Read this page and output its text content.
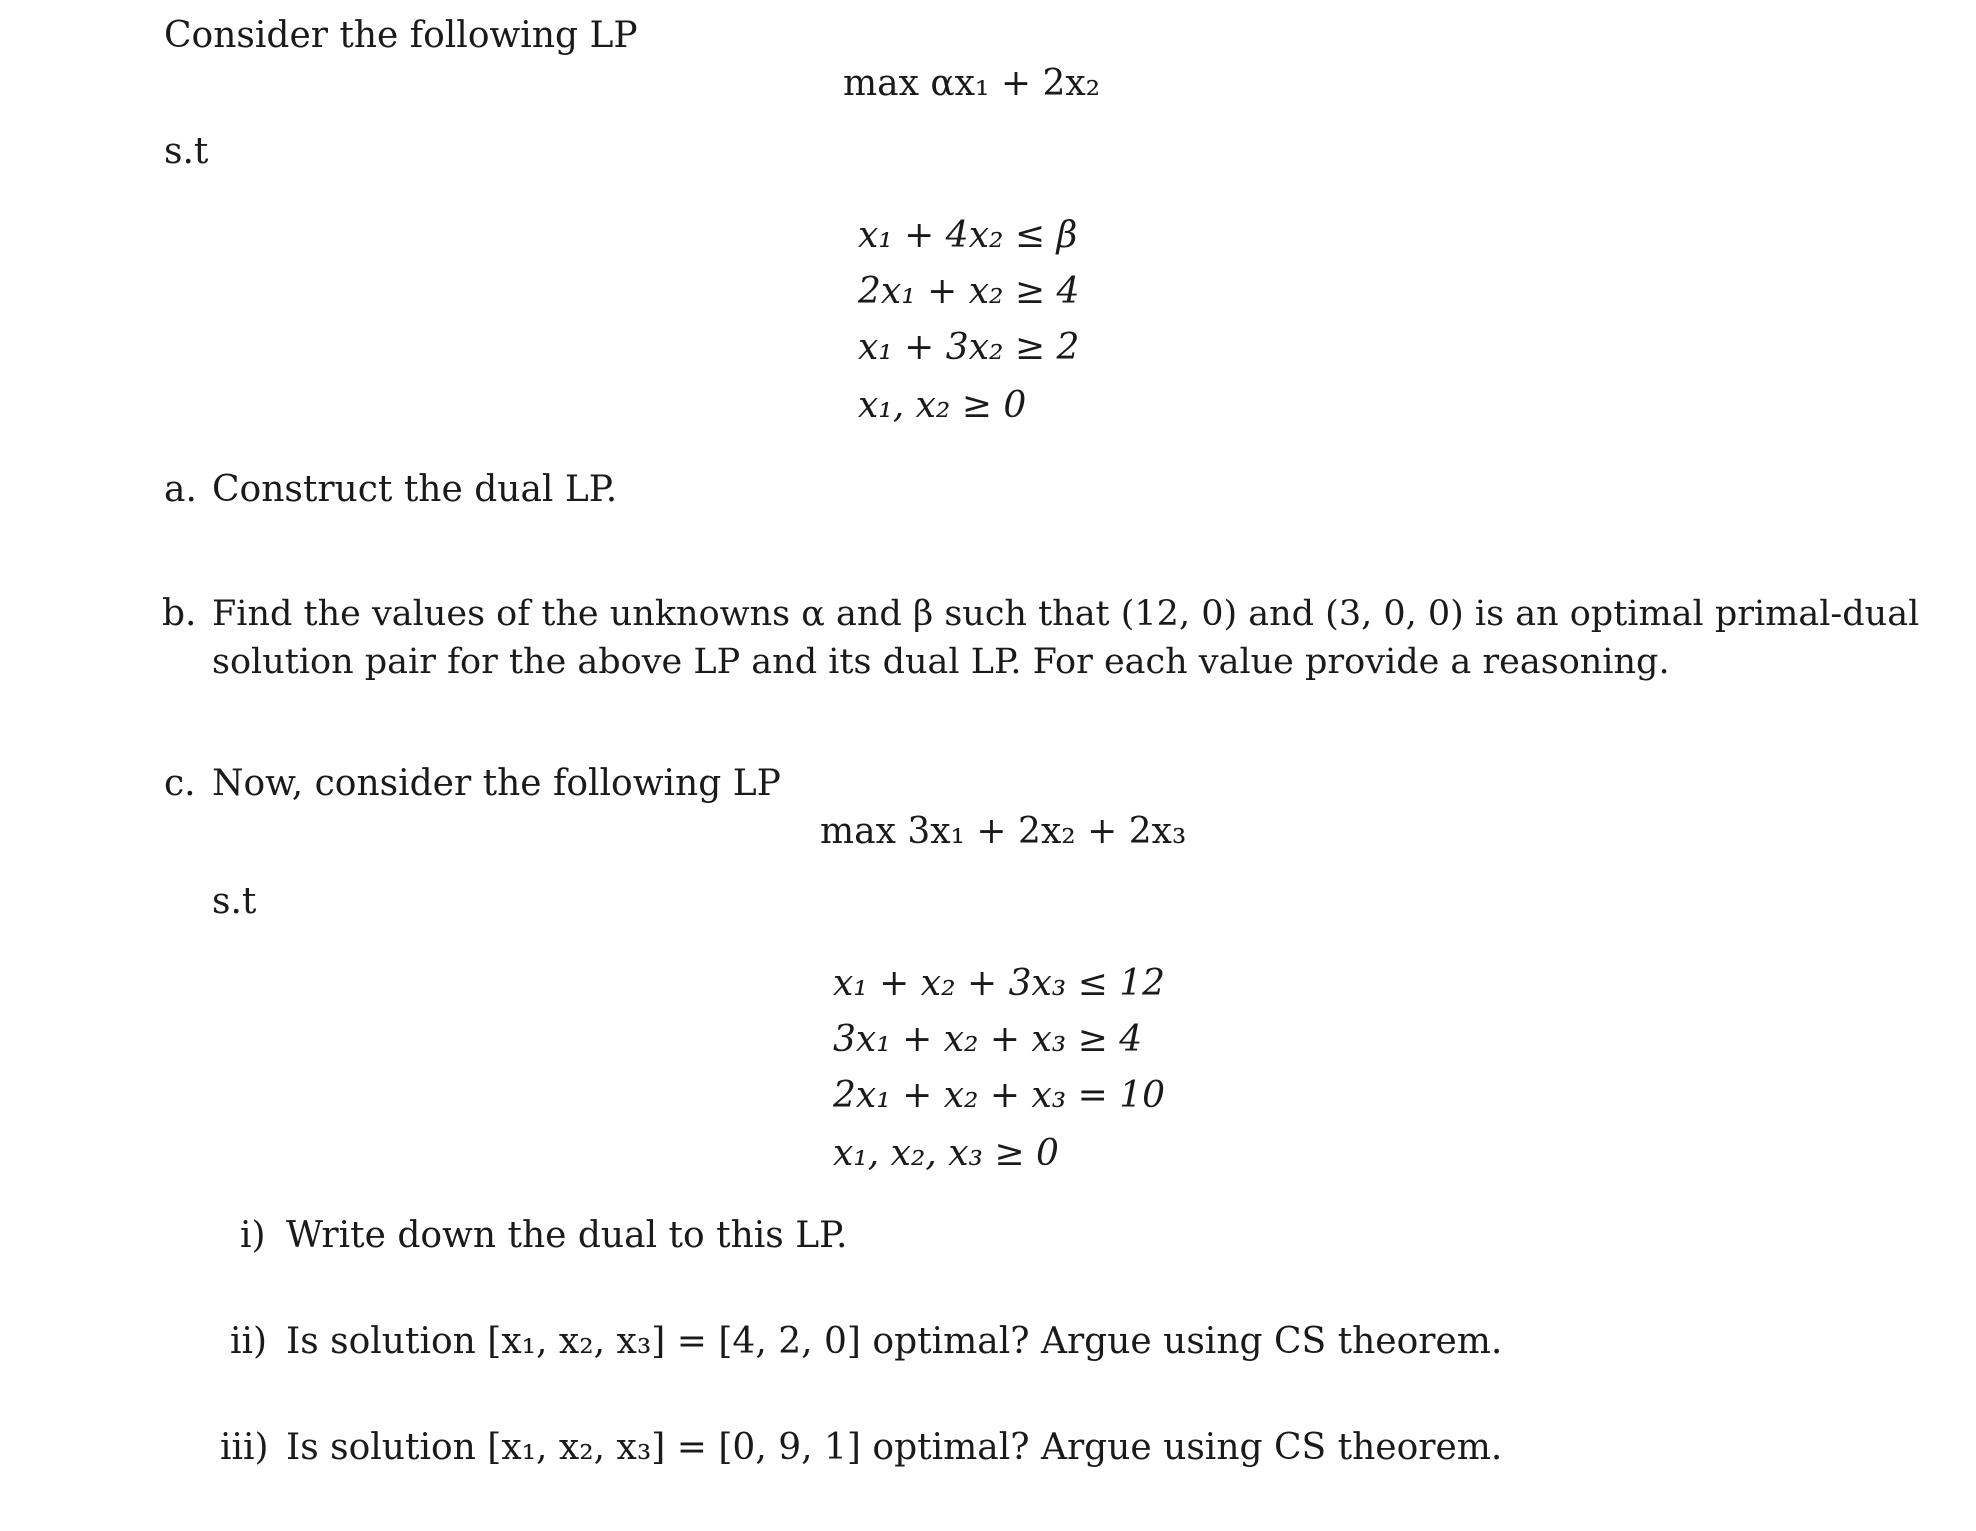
Consider the following LP
max αx₁ + 2x₂
s.t
x₁ + 4x₂ ≤ β
2x₁ + x₂ ≥ 4
x₁ + 3x₂ ≥ 2
x₁, x₂ ≥ 0
a. Construct the dual LP.
b. Find the values of the unknowns α and β such that (12, 0) and (3, 0, 0) is an optimal primal-dual
solution pair for the above LP and its dual LP. For each value provide a reasoning.
c. Now, consider the following LP
max 3x₁ + 2x₂ + 2x₃
s.t
x₁ + x₂ + 3x₃ ≤ 12
3x₁ + x₂ + x₃ ≥ 4
2x₁ + x₂ + x₃ = 10
x₁, x₂, x₃ ≥ 0
i) Write down the dual to this LP.
ii) Is solution [x₁, x₂, x₃] = [4, 2, 0] optimal? Argue using CS theorem.
iii) Is solution [x₁, x₂, x₃] = [0, 9, 1] optimal? Argue using CS theorem.
